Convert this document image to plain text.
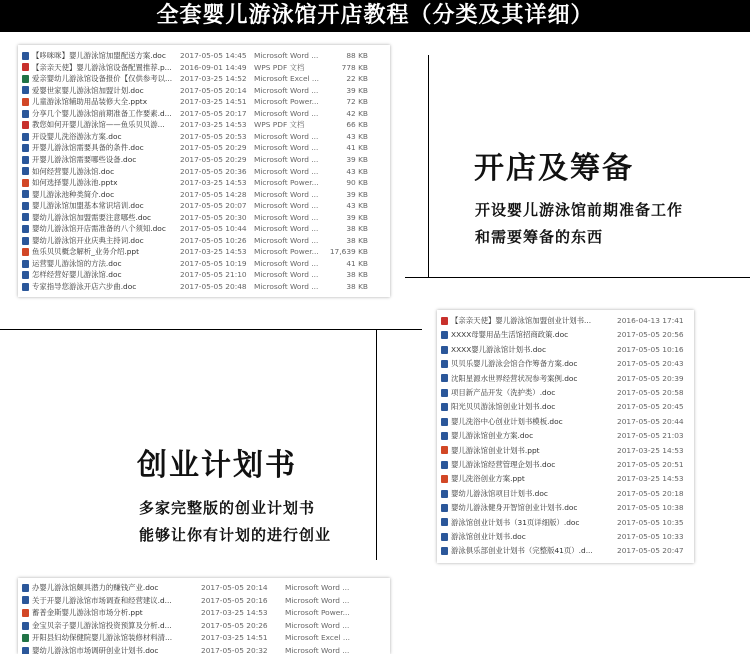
全套婴儿游泳馆开店教程（分类及其详细）
【哆咪咪】婴儿游泳馆加盟配送方案.doc	2017-05-05 14:45 Microsoft Word ...	88 KB
【亲亲天使】婴儿游泳馆设备配置推荐.p...	2016-09-01 14:49 WPS PDF 文档	778 KB
爱亲婴幼儿游泳馆设备报价【仅供参考以...	2017-03-25 14:52 Microsoft Excel ...	22 KB
爱婴世家婴儿游泳馆加盟计划.doc	2017-05-05 20:14 Microsoft Word ...	39 KB
儿童游泳馆辅助用品装修大全.pptx	2017-03-25 14:51 Microsoft Power...	72 KB
分享几个婴儿游泳馆前期准备工作要素.d...	2017-05-05 20:17 Microsoft Word ...	42 KB
教您如何开婴儿游泳馆——鱼乐贝贝游...	2017-03-25 14:53 WPS PDF 文档	66 KB
开设婴儿洗浴游泳方案.doc	2017-05-05 20:53 Microsoft Word ...	43 KB
开婴儿游泳馆需要具备的条件.doc	2017-05-05 20:29 Microsoft Word ...	41 KB
开婴儿游泳馆需要哪些设备.doc	2017-05-05 20:29 Microsoft Word ...	39 KB
如何经营婴儿游泳馆.doc	2017-05-05 20:36 Microsoft Word ...	43 KB
如何选择婴儿游泳池.pptx	2017-03-25 14:53 Microsoft Power...	90 KB
婴儿游泳池种类简介.doc	2017-05-05 14:28 Microsoft Word ...	39 KB
婴儿游泳馆加盟基本常识培训.doc	2017-05-05 20:07 Microsoft Word ...	43 KB
婴幼儿游泳馆加盟需要注意哪些.doc	2017-05-05 20:30 Microsoft Word ...	39 KB
婴幼儿游泳馆开店需准备的八个须知.doc	2017-05-05 10:44 Microsoft Word ...	38 KB
婴幼儿游泳馆开业庆典主持词.doc	2017-05-05 10:26 Microsoft Word ...	38 KB
鱼乐贝贝概念解析_业务介绍.ppt	2017-03-25 14:53 Microsoft Power... 17,639 KB
运营婴儿游泳馆的方法.doc	2017-05-05 10:19 Microsoft Word ...	41 KB
怎样经营好婴儿游泳馆.doc	2017-05-05 21:10 Microsoft Word ...	38 KB
专家指导您游泳开店六步曲.doc	2017-05-05 20:48 Microsoft Word ...	38 KB
开店及筹备
开设婴儿游泳馆前期准备工作
和需要筹备的东西
创业计划书
多家完整版的创业计划书
能够让你有计划的进行创业
【亲亲天使】婴儿游泳馆加盟创业计划书...	2016-04-13 17:41
XXXX母婴用品生活馆招商政策.doc	2017-05-05 20:56
XXXX婴儿游泳馆计划书.doc	2017-05-05 10:16
贝贝乐婴儿游泳会馆合作筹备方案.doc	2017-05-05 20:43
沈阳星源水世界经营状况参考案例.doc	2017-05-05 20:39
项目新产品开发（洗护类）.doc	2017-05-05 20:58
阳光贝贝游泳馆创业计划书.doc	2017-05-05 20:45
婴儿洗浴中心创业计划书模板.doc	2017-05-05 20:44
婴儿游泳馆创业方案.doc	2017-05-05 21:03
婴儿游泳馆创业计划书.ppt	2017-03-25 14:53
婴儿游泳馆经营管理企划书.doc	2017-05-05 20:51
婴儿洗浴创业方案.ppt	2017-03-25 14:53
婴幼儿游泳馆项目计划书.doc	2017-05-05 20:18
婴幼儿游泳健身开智馆创业计划书.doc	2017-05-05 10:38
游泳馆创业计划书（31页详细版）.doc	2017-05-05 10:35
游泳馆创业计划书.doc	2017-05-05 10:33
游泳俱乐部创业计划书（完整版41页）.d...	2017-05-05 20:47
办婴儿游泳馆颇具潜力的赚钱产业.doc	2017-05-05 20:14 Microsoft Word ...
关于开婴儿游泳馆市场调查和经营建议.d...	2017-05-05 20:16 Microsoft Word ...
蓄普金斯婴儿游泳馆市场分析.ppt	2017-03-25 14:53 Microsoft Power...
金宝贝亲子婴儿游泳馆投资预算及分析.d...	2017-05-05 20:26 Microsoft Word ...
开阳县妇幼保健院婴儿游泳馆装修材料清...	2017-03-25 14:51 Microsoft Excel ...
婴幼儿游泳馆市场调研创业计划书.doc	2017-05-05 20:32 Microsoft Word ...
